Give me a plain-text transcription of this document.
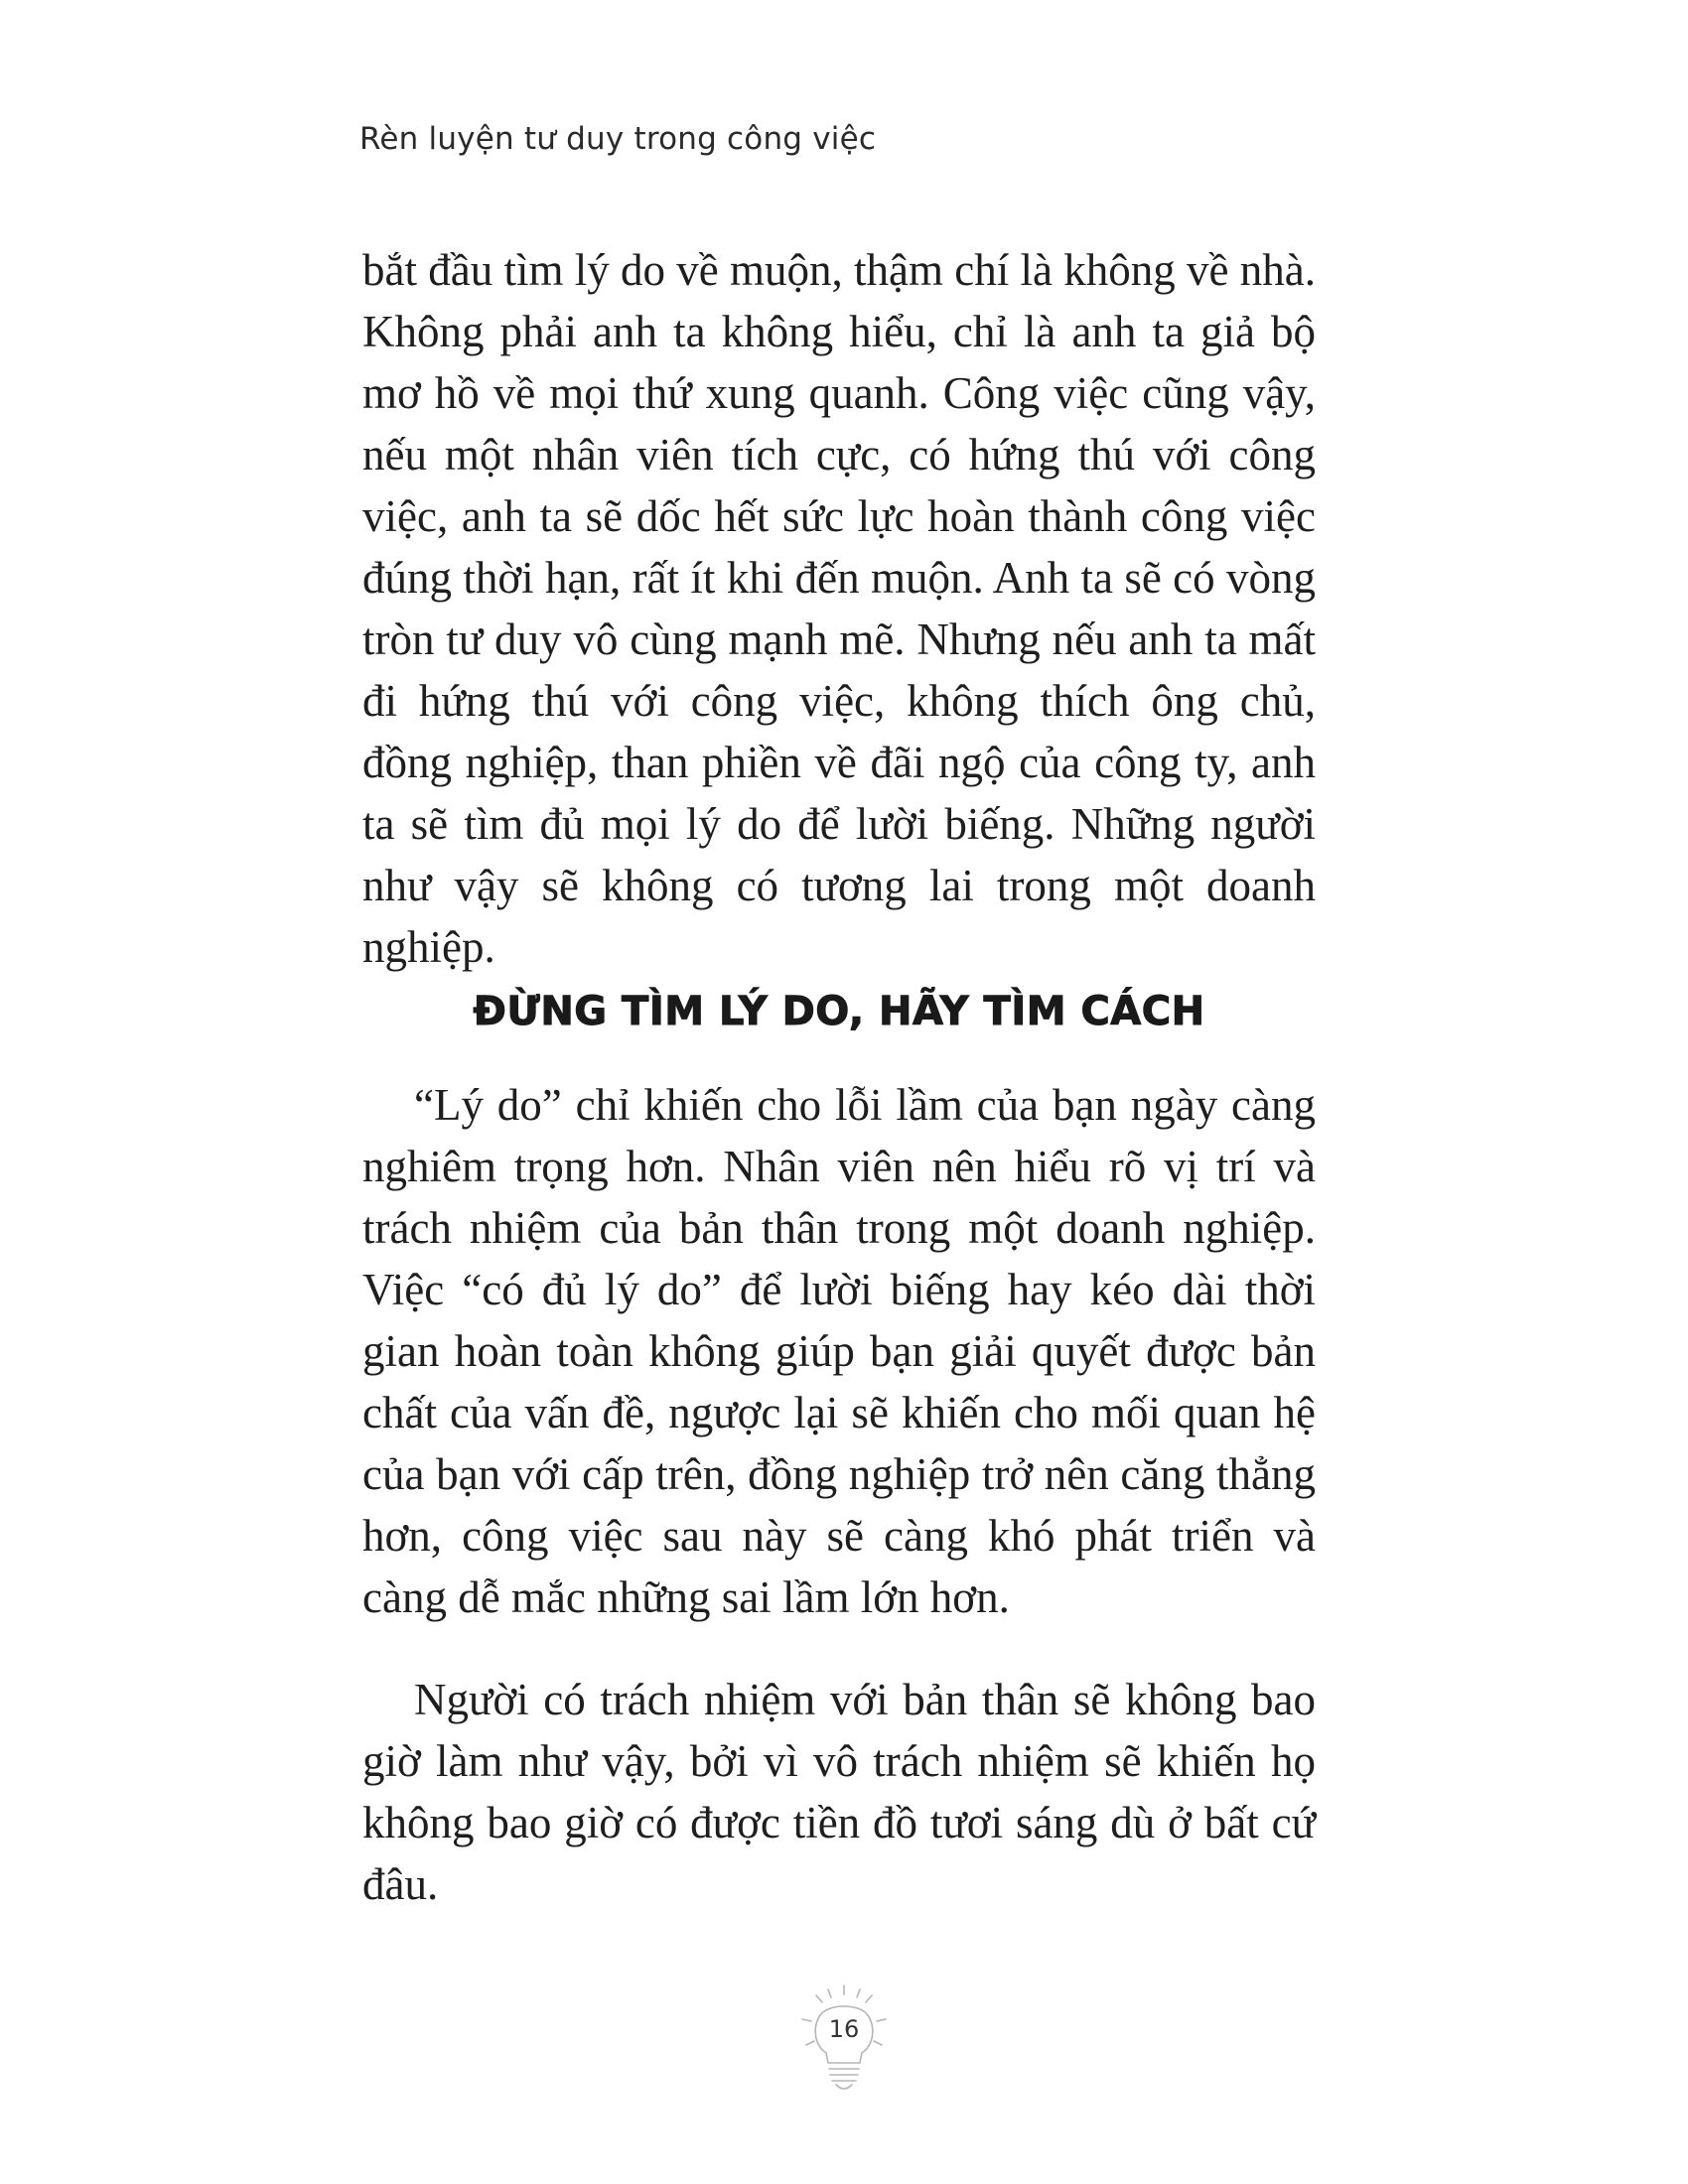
Rèn luyện tư duy trong công việc

bắt đầu tìm lý do về muộn, thậm chí là không về nhà. Không phải anh ta không hiểu, chỉ là anh ta giả bộ mơ hồ về mọi thứ xung quanh. Công việc cũng vậy, nếu một nhân viên tích cực, có hứng thú với công việc, anh ta sẽ dốc hết sức lực hoàn thành công việc đúng thời hạn, rất ít khi đến muộn. Anh ta sẽ có vòng tròn tư duy vô cùng mạnh mẽ. Nhưng nếu anh ta mất đi hứng thú với công việc, không thích ông chủ, đồng nghiệp, than phiền về đãi ngộ của công ty, anh ta sẽ tìm đủ mọi lý do để lười biếng. Những người như vậy sẽ không có tương lai trong một doanh nghiệp.

ĐỪNG TÌM LÝ DO, HÃY TÌM CÁCH

“Lý do” chỉ khiến cho lỗi lầm của bạn ngày càng nghiêm trọng hơn. Nhân viên nên hiểu rõ vị trí và trách nhiệm của bản thân trong một doanh nghiệp. Việc “có đủ lý do” để lười biếng hay kéo dài thời gian hoàn toàn không giúp bạn giải quyết được bản chất của vấn đề, ngược lại sẽ khiến cho mối quan hệ của bạn với cấp trên, đồng nghiệp trở nên căng thẳng hơn, công việc sau này sẽ càng khó phát triển và càng dễ mắc những sai lầm lớn hơn.

Người có trách nhiệm với bản thân sẽ không bao giờ làm như vậy, bởi vì vô trách nhiệm sẽ khiến họ không bao giờ có được tiền đồ tươi sáng dù ở bất cứ đâu.

16
